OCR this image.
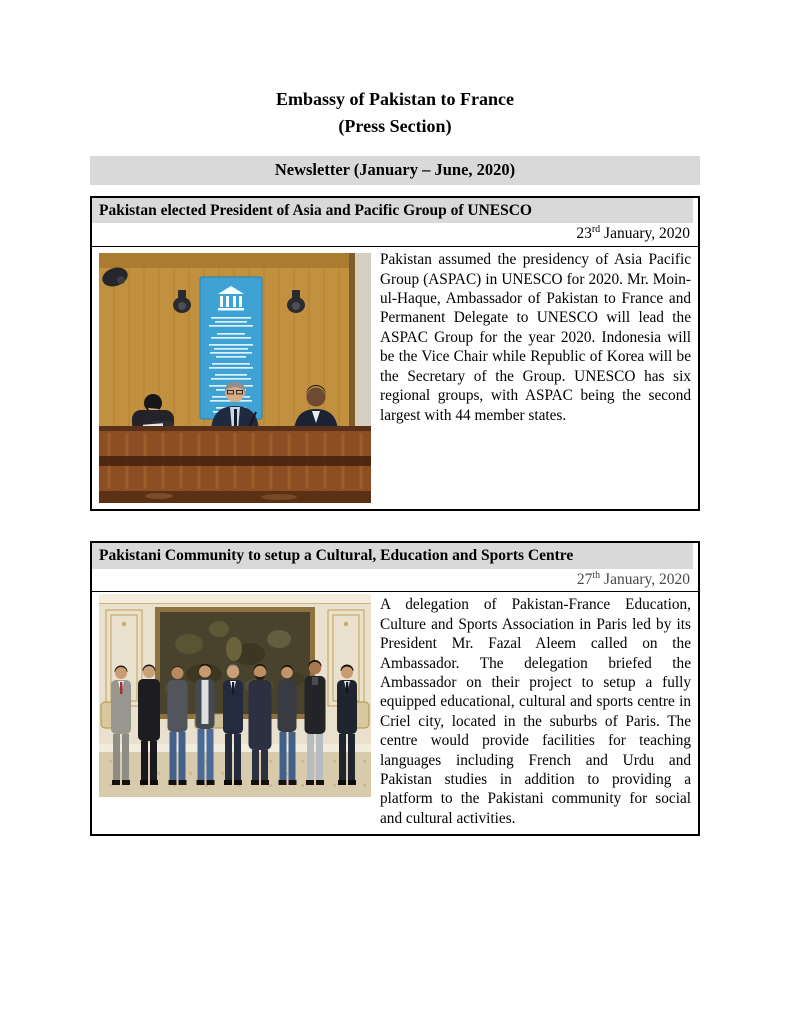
Embassy of Pakistan to France
(Press Section)
Newsletter (January – June, 2020)
Pakistan elected President of Asia and Pacific Group of UNESCO
23rd January, 2020

Pakistan assumed the presidency of Asia Pacific Group (ASPAC) in UNESCO for 2020. Mr. Moin-ul-Haque, Ambassador of Pakistan to France and Permanent Delegate to UNESCO will lead the ASPAC Group for the year 2020. Indonesia will be the Vice Chair while Republic of Korea will be the Secretary of the Group. UNESCO has six regional groups, with ASPAC being the second largest with 44 member states.

Pakistani Community to setup a Cultural, Education and Sports Centre
27th January, 2020

A delegation of Pakistan-France Education, Culture and Sports Association in Paris led by its President Mr. Fazal Aleem called on the Ambassador. The delegation briefed the Ambassador on their project to setup a fully equipped educational, cultural and sports centre in Criel city, located in the suburbs of Paris. The centre would provide facilities for teaching languages including French and Urdu and Pakistan studies in addition to providing a platform to the Pakistani community for social and cultural activities.
